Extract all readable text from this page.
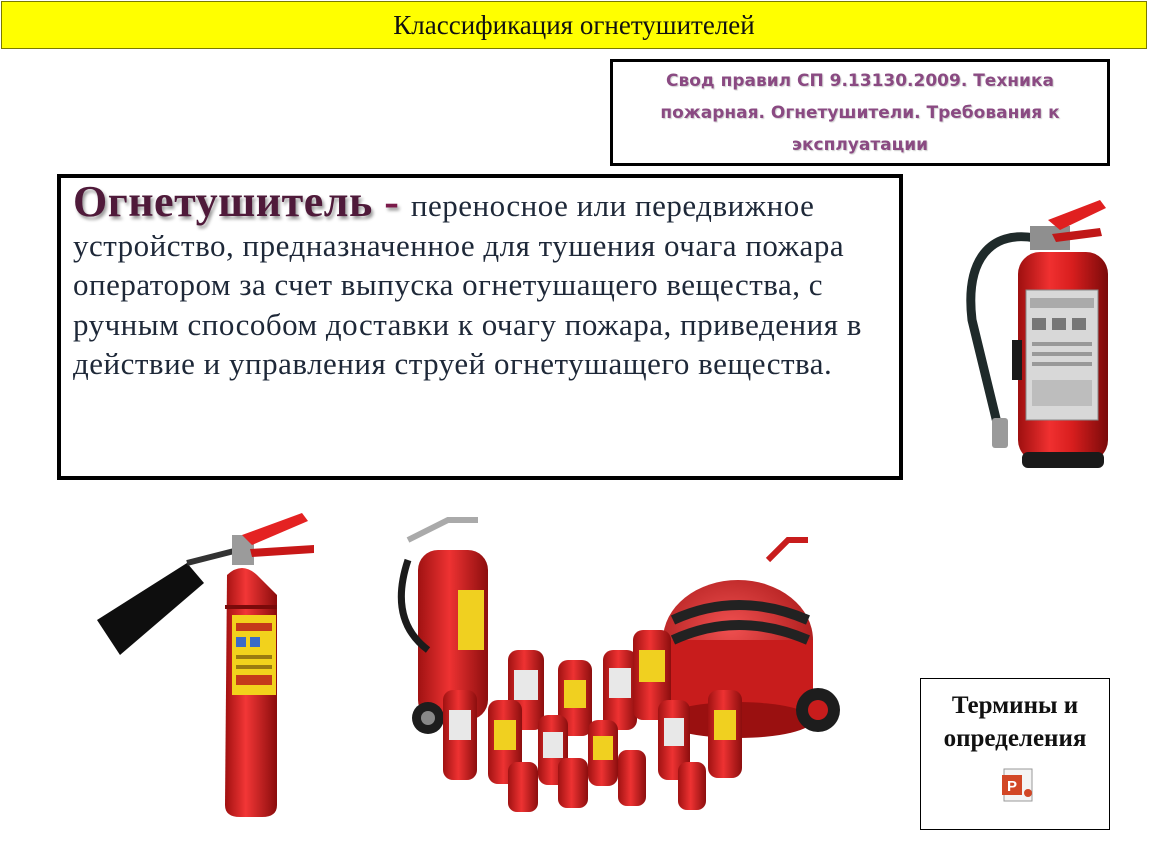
Классификация огнетушителей
Свод правил СП 9.13130.2009. Техника пожарная. Огнетушители. Требования к эксплуатации
Огнетушитель - переносное или передвижное устройство, предназначенное для тушения очага пожара оператором за счет выпуска огнетушащего вещества, с ручным способом доставки к очагу пожара, приведения в действие и управления струей огнетушащего вещества.
Термины и определения
P
